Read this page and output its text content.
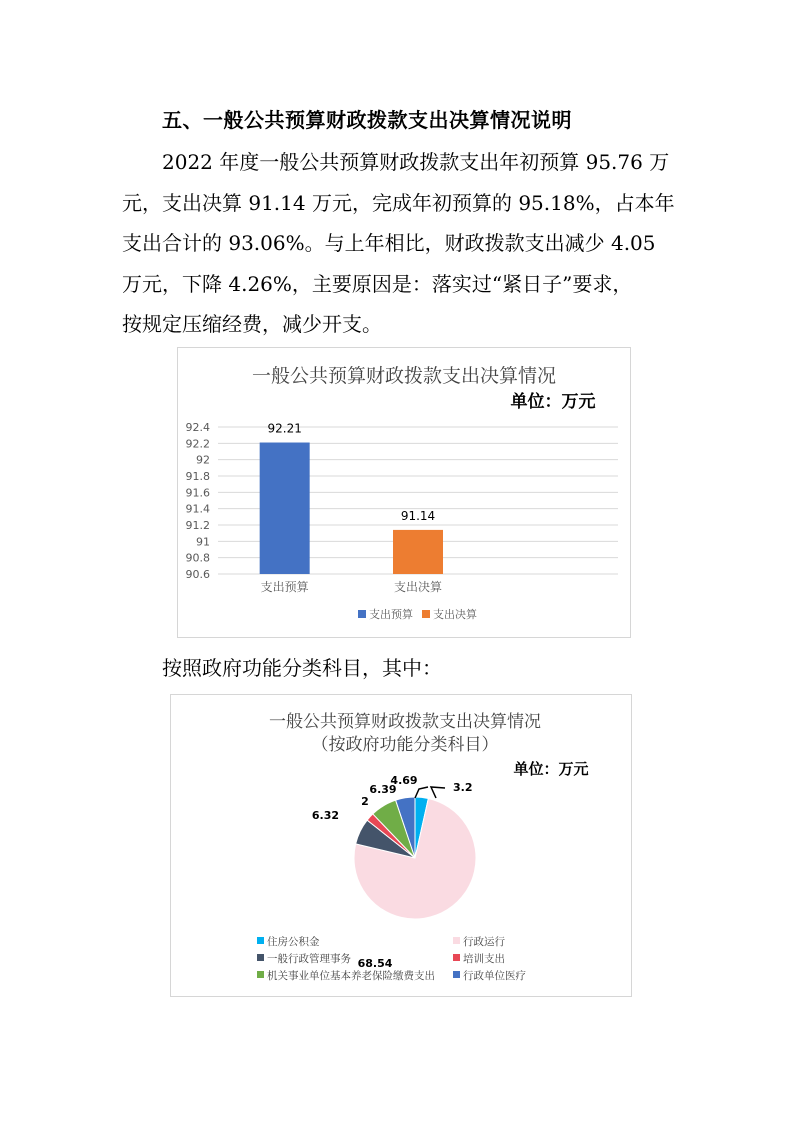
五、一般公共预算财政拨款支出决算情况说明
2022 年度一般公共预算财政拨款支出年初预算 95.76 万
元，支出决算 91.14 万元，完成年初预算的 95.18%，占本年
支出合计的 93.06%。与上年相比，财政拨款支出减少 4.05
万元，下降 4.26%，主要原因是：落实过“紧日子”要求，
按规定压缩经费，减少开支。
一般公共预算财政拨款支出决算情况
单位：万元
92.4
92.2
92
91.8
91.6
91.4
91.2
91
90.8
90.6
92.21
91.14
支出预算	支出决算
支出预算 支出决算
按照政府功能分类科目，其中：
一般公共预算财政拨款支出决算情况
（按政府功能分类科目）
单位：万元
3.2
68.54
6.32
2
6.39
4.69
住房公积金	行政运行
一般行政管理事务	培训支出
机关事业单位基本养老保险缴费支出	行政单位医疗
